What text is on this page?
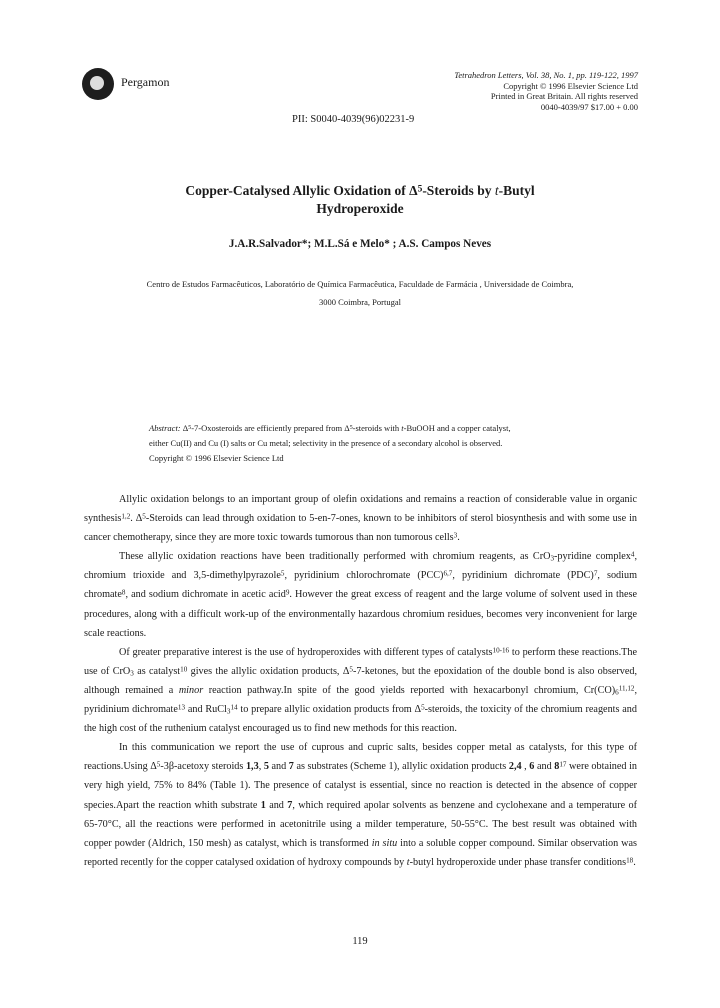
Pergamon	Tetrahedron Letters, Vol. 38, No. 1, pp. 119-122, 1997
Copyright © 1996 Elsevier Science Ltd
Printed in Great Britain. All rights reserved
0040-4039/97 $17.00 + 0.00
PII: S0040-4039(96)02231-9
Copper-Catalysed Allylic Oxidation of $\Delta^5$-Steroids by t-Butyl
Hydroperoxide
J.A.R.Salvador*; M.L.Sá e Melo* ; A.S. Campos Neves
Centro de Estudos Farmacêuticos, Laboratório de Química Farmacêutica, Faculdade de Farmácia , Universidade de Coimbra,
3000 Coimbra, Portugal
Abstract: $\Delta^5-7$-Oxosteroids are efficiently prepared from $\Delta^5$-steroids with t-BuOOH and a copper catalyst,
either Cu(II) and Cu (I) salts or Cu metal; selectivity in the presence of a secondary alcohol is observed.
Copyright © 1996 Elsevier Science Ltd

Allylic oxidation belongs to an important group of olefin oxidations and remains a reaction of considerable value in organic synthesis$^{1,2}$. $\Delta^5$-Steroids can lead through oxidation to 5-en-7-ones, known to be inhibitors of sterol biosynthesis and with some use in cancer chemotherapy, since they are more toxic towards tumorous than non tumorous cells$^3$.

These allylic oxidation reactions have been traditionally performed with chromium reagents, as CrO$_3$-pyridine complex$^4$, chromium trioxide and 3,5-dimethylpyrazole$^5$, pyridinium chlorochromate (PCC)$^{6,7}$, pyridinium dichromate (PDC)$^7$, sodium chromate$^8$, and sodium dichromate in acetic acid$^9$. However the great excess of reagent and the large volume of solvent used in these procedures, along with a difficult work-up of the environmentally hazardous chromium residues, becomes very inconvenient for large scale reactions.

Of greater preparative interest is the use of hydroperoxides with different types of catalysts$^{10-16}$ to perform these reactions.The use of CrO$_3$ as catalyst$^{10}$ gives the allylic oxidation products, $\Delta^5-7$-ketones, but the epoxidation of the double bond is also observed, although remained a minor reaction pathway.In spite of the good yields reported with hexacarbonyl chromium, $Cr(CO)_6^{11,12}$, pyridinium dichromate$^{13}$ and RuCl$_3^{14}$ to prepare allylic oxidation products from $\Delta^5$-steroids, the toxicity of the chromium reagents and the high cost of the ruthenium catalyst encouraged us to find new methods for this reaction.

In this communication we report the use of cuprous and cupric salts, besides copper metal as catalysts, for this type of reactions.Using $\Delta^5-3\beta$-acetoxy steroids 1,3, 5 and 7 as substrates (Scheme 1), allylic oxidation products 2,4 , 6 and $8^{17}$ were obtained in very high yield, 75% to 84% (Table 1). The presence of catalyst is essential, since no reaction is detected in the absence of copper species.Apart the reaction whith substrate 1 and 7, which required apolar solvents as benzene and cyclohexane and a temperature of 65-70°C, all the reactions were performed in acetonitrile using a milder temperature, 50-55°C. The best result was obtained with copper powder (Aldrich, 150 mesh) as catalyst, which is transformed in situ into a soluble copper compound. Similar observation was reported recently for the copper catalysed oxidation of hydroxy compounds by t-butyl hydroperoxide under phase transfer conditions$^{18}$.

119
